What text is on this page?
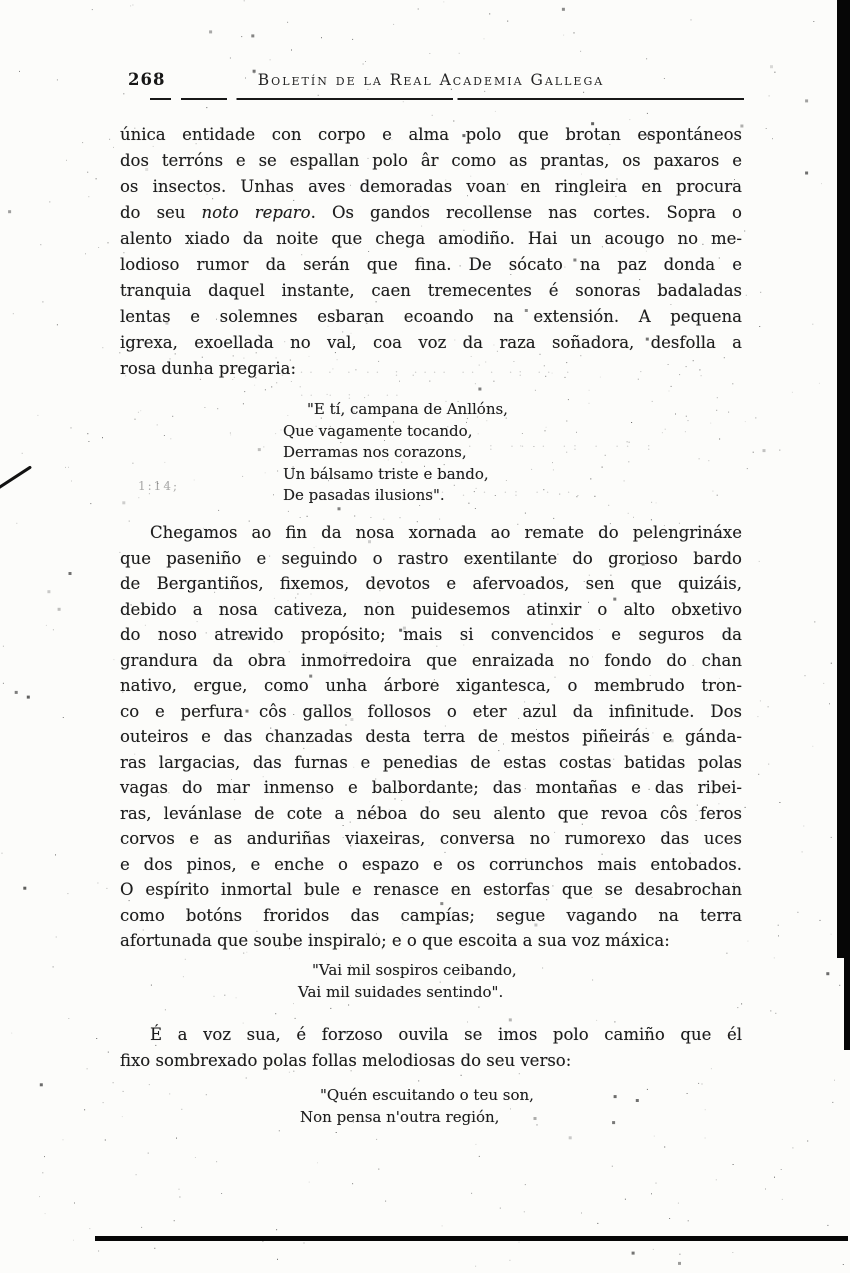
268	Boletín de la Real Academia Gallega
única entidade con corpo e alma polo que brotan espontáneos
dos terróns e se espallan polo âr como as prantas, os paxaros e
os insectos. Unhas aves demoradas voan en ringleira en procura
do seu noto reparo. Os gandos recollense nas cortes. Sopra o
alento xiado da noite que chega amodiño. Hai un acougo no me-
lodioso rumor da serán que fina. De sócato na paz donda e
tranquia daquel instante, caen tremecentes é sonoras badaladas
lentas e solemnes esbaran ecoando na extensión. A pequena
igrexa, exoellada no val, coa voz da raza soñadora, desfolla a
rosa dunha pregaria:
"E tí, campana de Anllóns,
Que vagamente tocando,
Derramas nos corazons,
Un bálsamo triste e bando,
De pasadas ilusions".
Chegamos ao fin da nosa xornada ao remate do pelengrináxe
que paseniño e seguindo o rastro exentilante do grorioso bardo
de Bergantiños, fixemos, devotos e afervoados, sen que quizáis,
debido a nosa cativeza, non puidesemos atinxir o alto obxetivo
do noso atrevido propósito; mais si convencidos e seguros da
grandura da obra inmorredoira que enraizada no fondo do chan
nativo, ergue, como unha árbore xigantesca, o membrudo tron-
co e perfura côs gallos follosos o eter azul da infinitude. Dos
outeiros e das chanzadas desta terra de mestos piñeirás e gánda-
ras largacias, das furnas e penedias de estas costas batidas polas
vagas do mar inmenso e balbordante; das montañas e das ribei-
ras, levánlase de cote a néboa do seu alento que revoa côs feros
corvos e as anduriñas viaxeiras, conversa no rumorexo das uces
e dos pinos, e enche o espazo e os corrunchos mais entobados.
O espírito inmortal bule e renasce en estorfas que se desabrochan
como botóns froridos das campías; segue vagando na terra
afortunada que soube inspiralo; e o que escoita a sua voz máxica:
"Vai mil sospiros ceibando,
Vai mil suidades sentindo".
É a voz sua, é forzoso ouvila se imos polo camiño que él
fixo sombrexado polas follas melodiosas do seu verso:
"Quén escuitando o teu son,
Non pensa n'outra región,
1:14;
· ·: ·· · · ·· : ···· ·· · ·: ·· ·
· : ·· · ·: · ·· :
:· . · ·: ·· ·
·· · : · ··
